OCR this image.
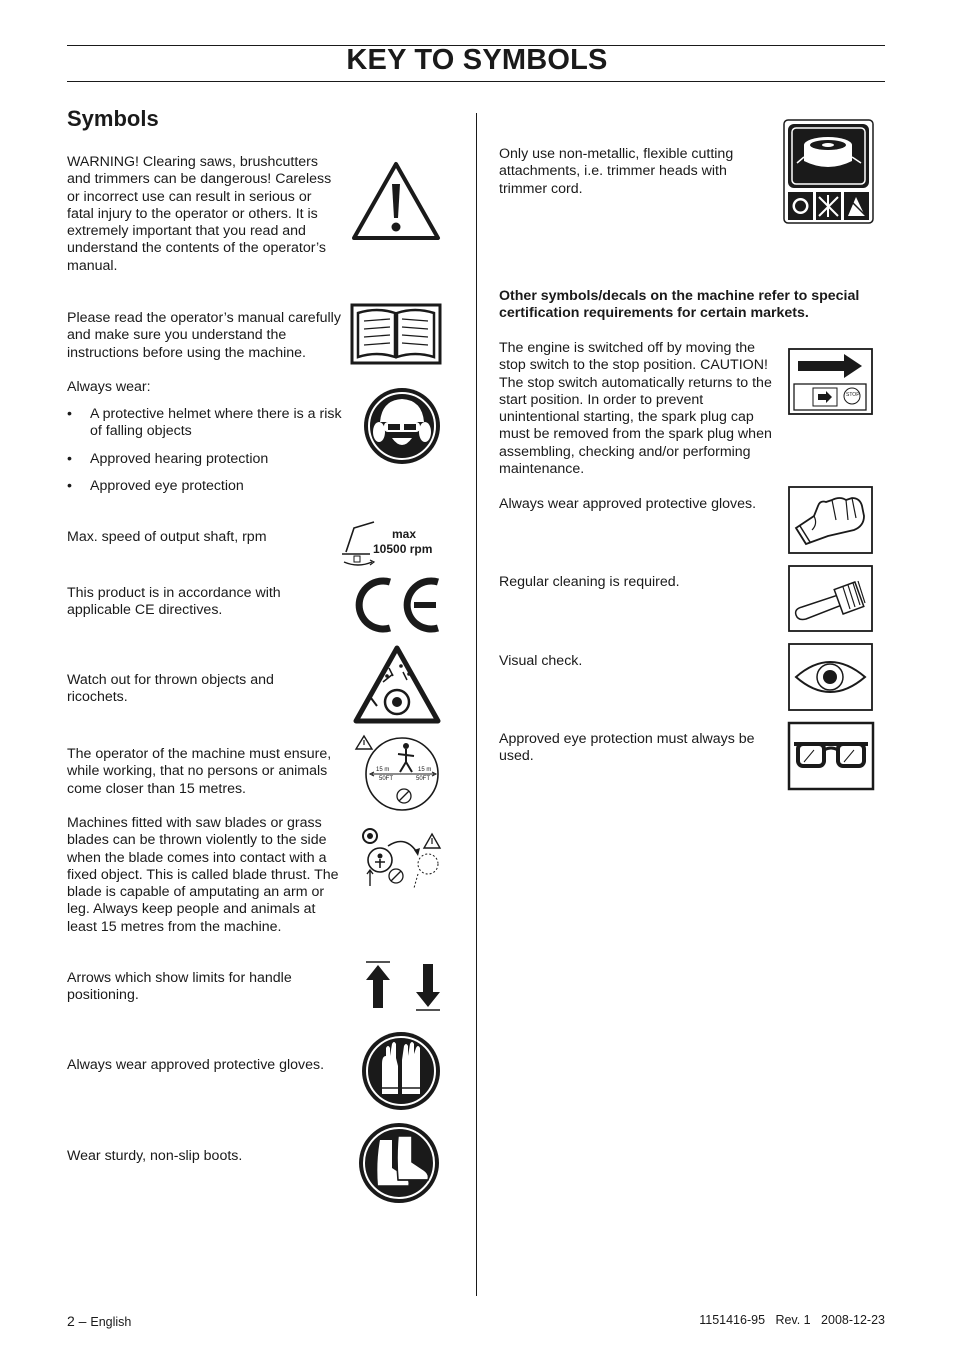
KEY TO SYMBOLS
Symbols
WARNING! Clearing saws, brushcutters and trimmers can be dangerous! Careless or incorrect use can result in serious or fatal injury to the operator or others. It is extremely important that you read and understand the contents of the operator’s manual.
Please read the operator’s manual carefully and make sure you understand the instructions before using the machine.
Always wear:
• A protective helmet where there is a risk of falling objects
• Approved hearing protection
• Approved eye protection
Max. speed of output shaft, rpm	max
10500 rpm
This product is in accordance with applicable CE directives.
Watch out for thrown objects and ricochets.
The operator of the machine must ensure, while working, that no persons or animals come closer than 15 metres.
15 m
50FT
15 m
50FT
Machines fitted with saw blades or grass blades can be thrown violently to the side when the blade comes into contact with a fixed object. This is called blade thrust. The blade is capable of amputating an arm or leg. Always keep people and animals at least 15 metres from the machine.
Arrows which show limits for handle positioning.
Always wear approved protective gloves.
Wear sturdy, non-slip boots.
Only use non-metallic, flexible cutting attachments, i.e. trimmer heads with trimmer cord.
Other symbols/decals on the machine refer to special certification requirements for certain markets.
The engine is switched off by moving the stop switch to the stop position. CAUTION! The stop switch automatically returns to the start position. In order to prevent unintentional starting, the spark plug cap must be removed from the spark plug when assembling, checking and/or performing maintenance.
STOP
Always wear approved protective gloves.
Regular cleaning is required.
Visual check.
Approved eye protection must always be used.
2 – English	1151416-95   Rev. 1   2008-12-23
